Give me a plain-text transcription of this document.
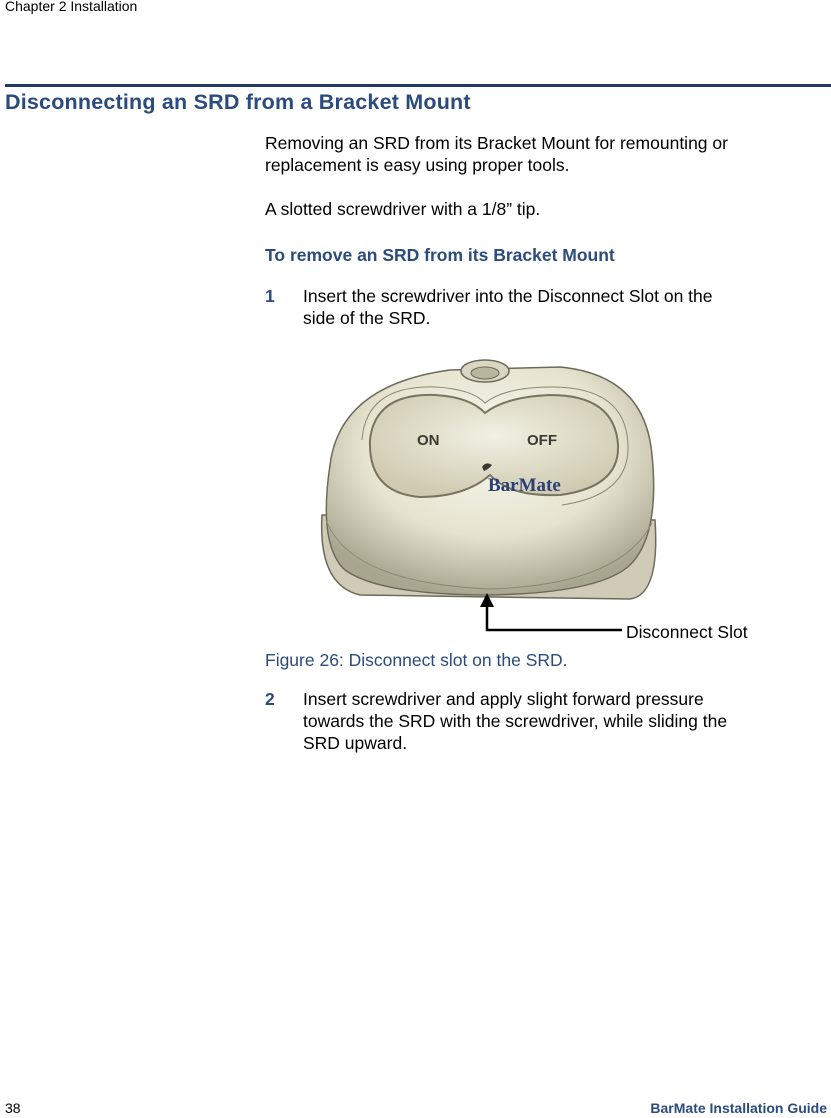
Chapter 2 Installation
Disconnecting an SRD from a Bracket Mount

Removing an SRD from its Bracket Mount for remounting or
replacement is easy using proper tools.

A slotted screwdriver with a 1/8” tip.

To remove an SRD from its Bracket Mount
1 Insert the screwdriver into the Disconnect Slot on the
side of the SRD.
ON	OFF
BarMate
Disconnect Slot

Figure 26: Disconnect slot on the SRD.

2 Insert screwdriver and apply slight forward pressure
towards the SRD with the screwdriver, while sliding the
SRD upward.
38	BarMate Installation Guide
